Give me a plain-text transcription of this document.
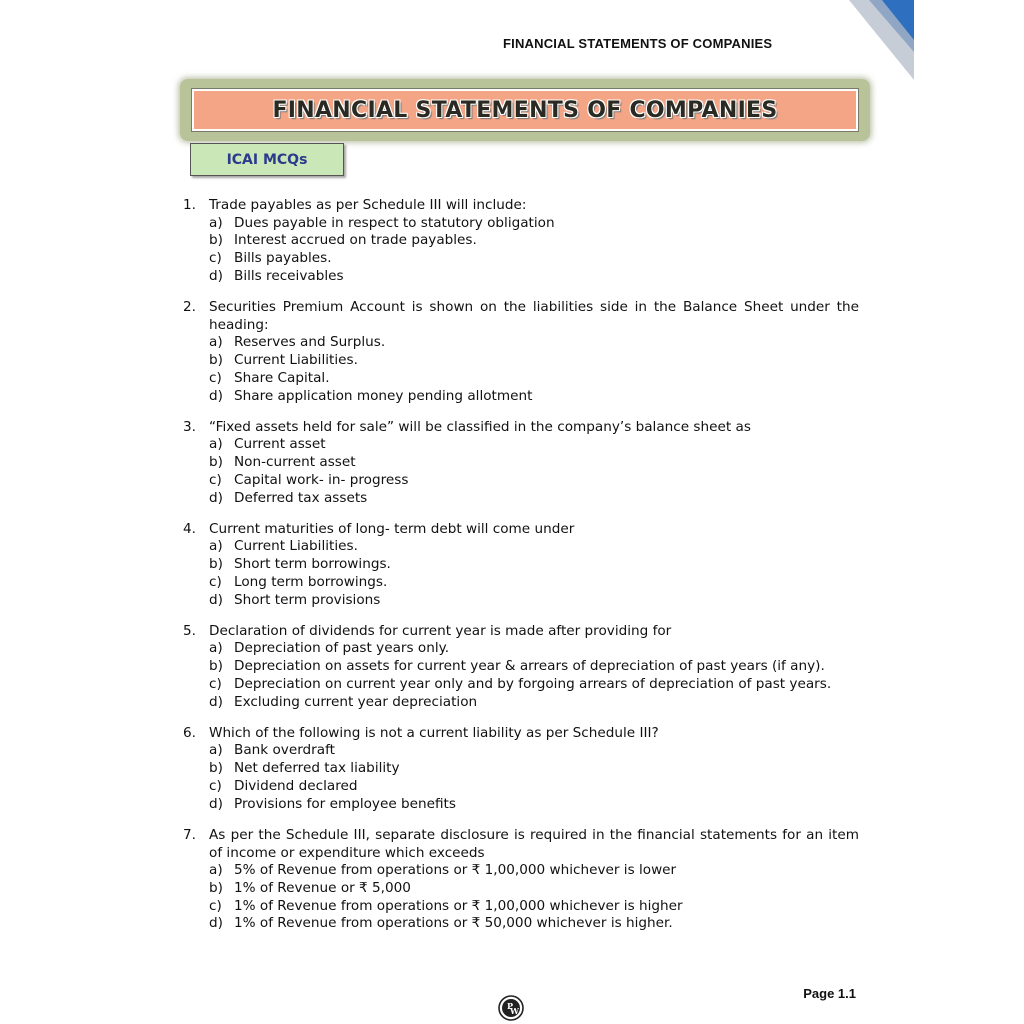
FINANCIAL STATEMENTS OF COMPANIES
FINANCIAL STATEMENTS OF COMPANIES
ICAI MCQs
1. Trade payables as per Schedule III will include:
a) Dues payable in respect to statutory obligation
b) Interest accrued on trade payables.
c) Bills payables.
d) Bills receivables
2. Securities Premium Account is shown on the liabilities side in the Balance Sheet under the heading:
a) Reserves and Surplus.
b) Current Liabilities.
c) Share Capital.
d) Share application money pending allotment
3. “Fixed assets held for sale” will be classified in the company’s balance sheet as
a) Current asset
b) Non-current asset
c) Capital work- in- progress
d) Deferred tax assets
4. Current maturities of long- term debt will come under
a) Current Liabilities.
b) Short term borrowings.
c) Long term borrowings.
d) Short term provisions
5. Declaration of dividends for current year is made after providing for
a) Depreciation of past years only.
b) Depreciation on assets for current year & arrears of depreciation of past years (if any).
c) Depreciation on current year only and by forgoing arrears of depreciation of past years.
d) Excluding current year depreciation
6. Which of the following is not a current liability as per Schedule III?
a) Bank overdraft
b) Net deferred tax liability
c) Dividend declared
d) Provisions for employee benefits
7. As per the Schedule III, separate disclosure is required in the financial statements for an item of income or expenditure which exceeds
a) 5% of Revenue from operations or ₹ 1,00,000 whichever is lower
b) 1% of Revenue or ₹ 5,000
c) 1% of Revenue from operations or ₹ 1,00,000 whichever is higher
d) 1% of Revenue from operations or ₹ 50,000 whichever is higher.
Page 1.1
P
W
